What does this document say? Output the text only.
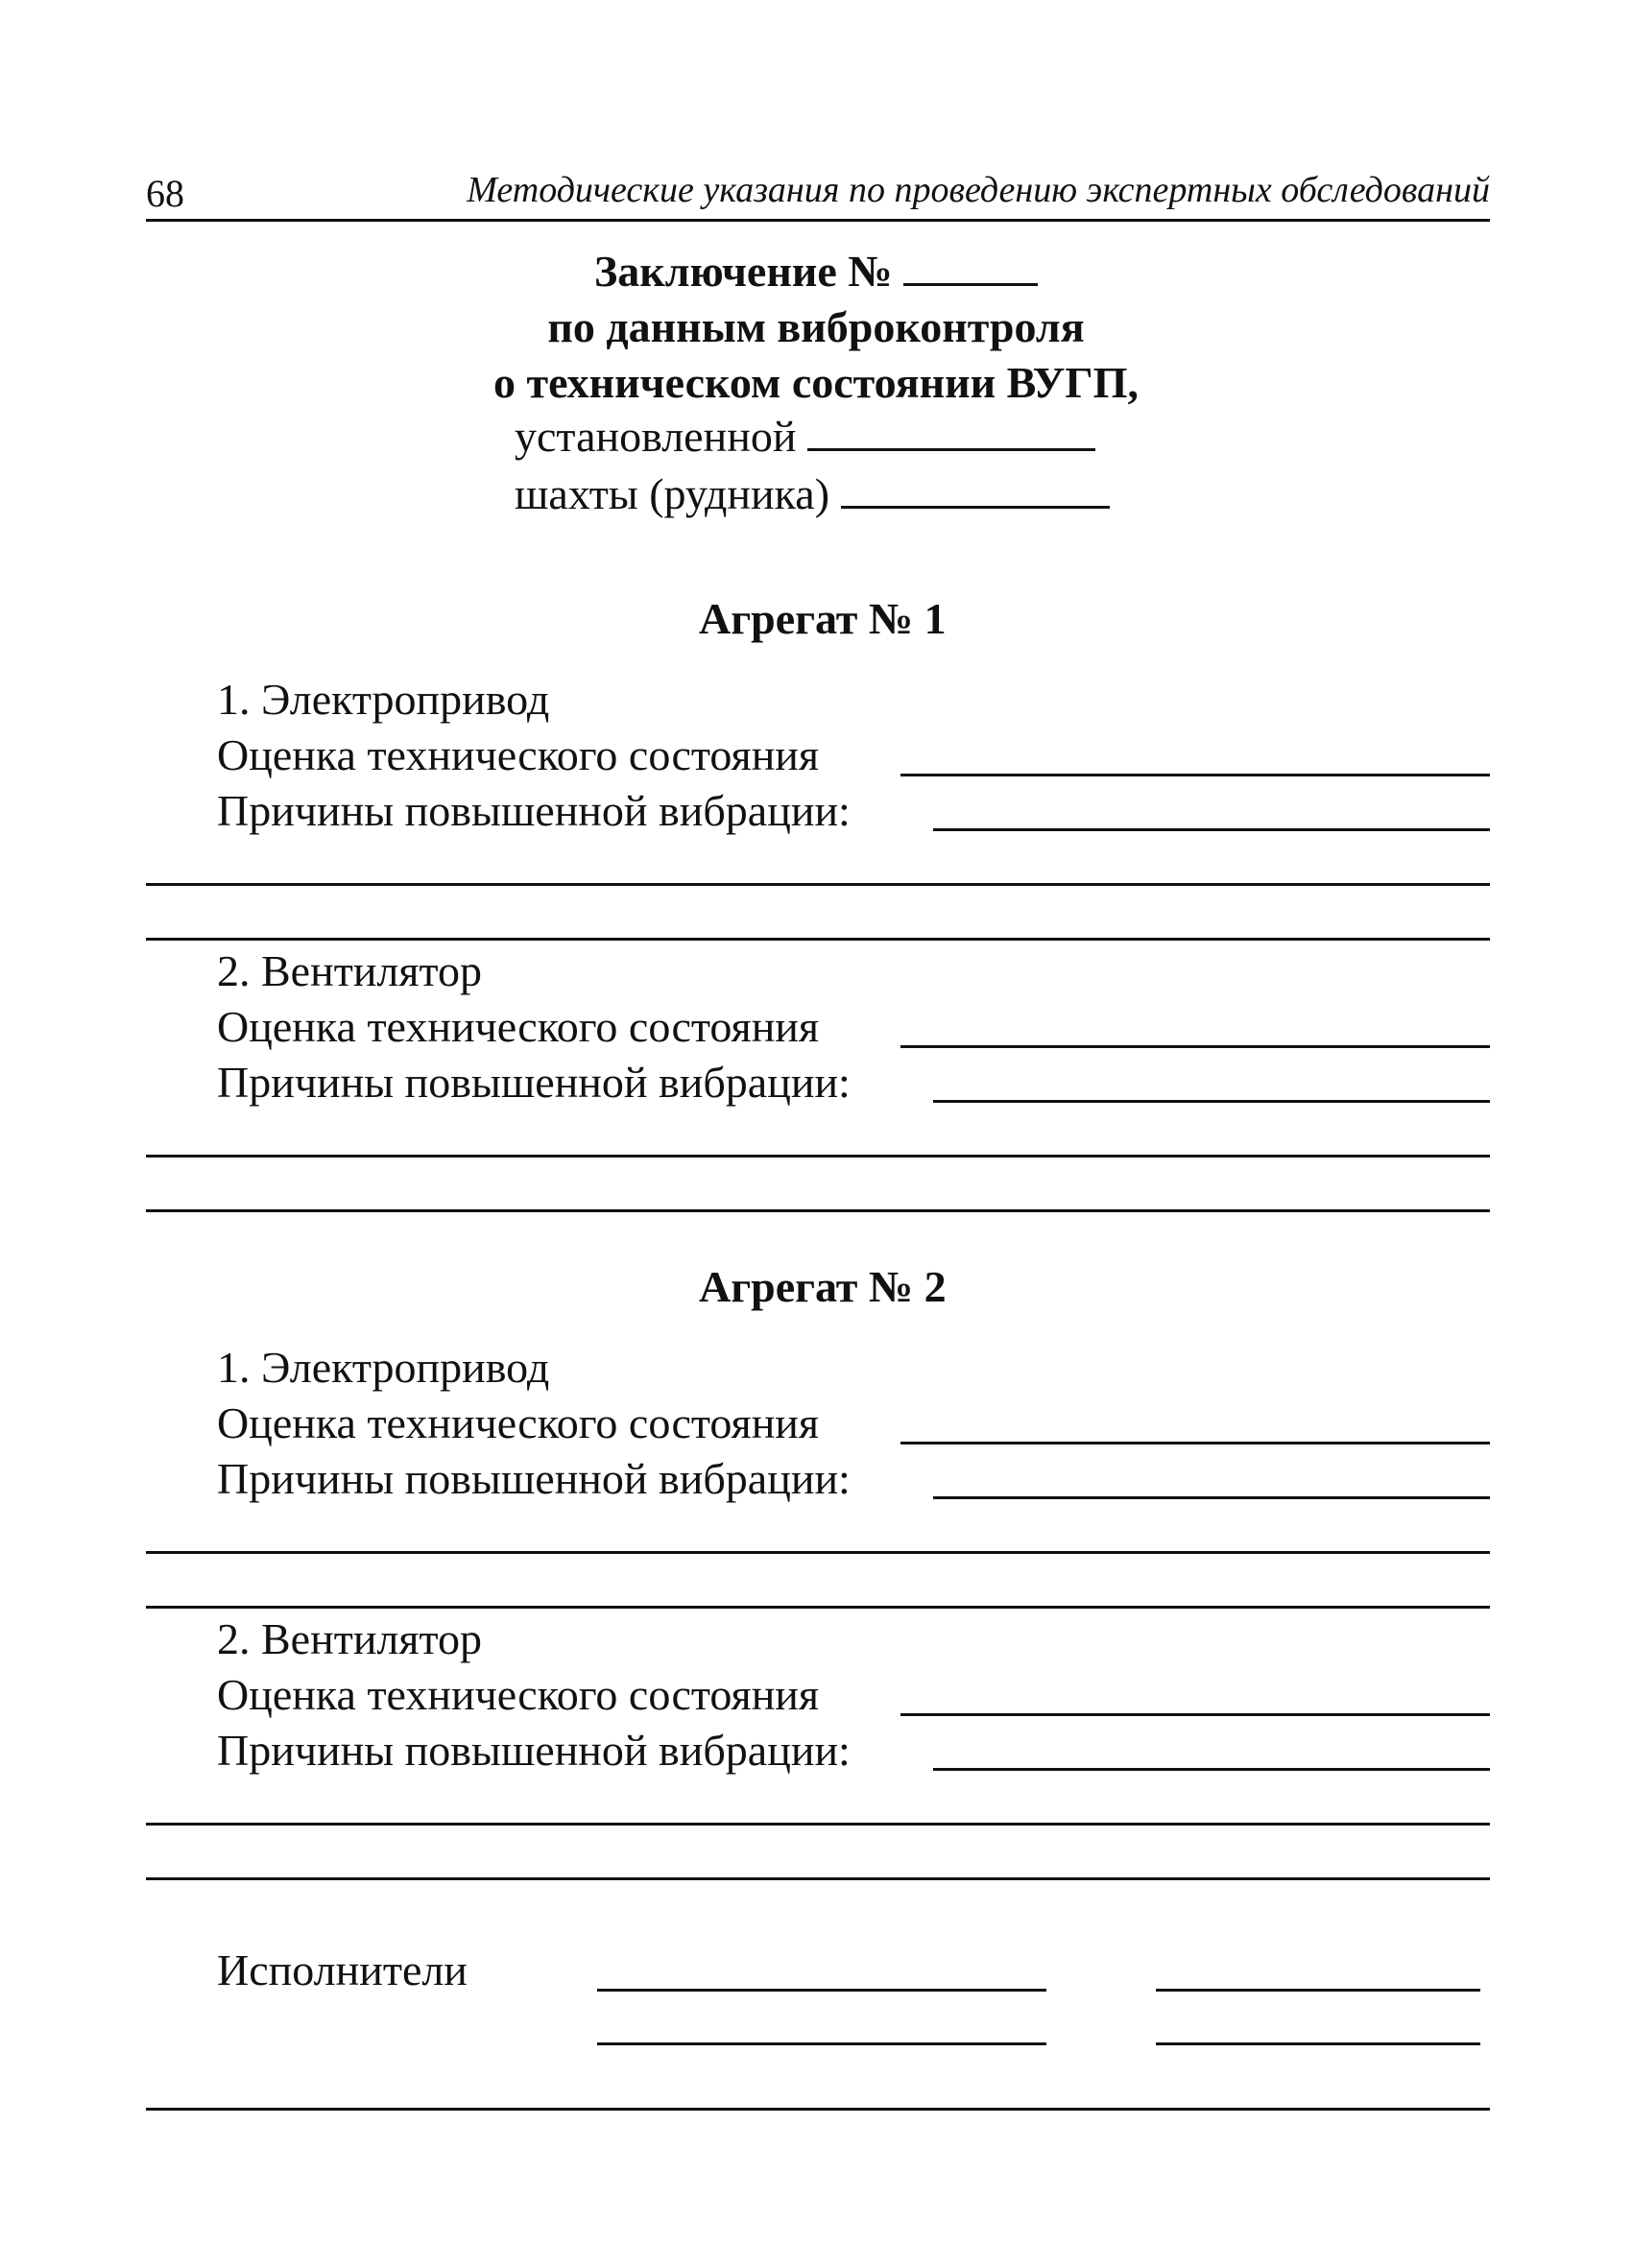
68	Методические указания по проведению экспертных обследований
Заключение №
по данным виброконтроля
о техническом состоянии ВУГП,
установленной
шахты (рудника)
Агрегат № 1
1. Электропривод
Оценка технического состояния
Причины повышенной вибрации:
2. Вентилятор
Оценка технического состояния
Причины повышенной вибрации:
Агрегат № 2
1. Электропривод
Оценка технического состояния
Причины повышенной вибрации:
2. Вентилятор
Оценка технического состояния
Причины повышенной вибрации:
Исполнители
